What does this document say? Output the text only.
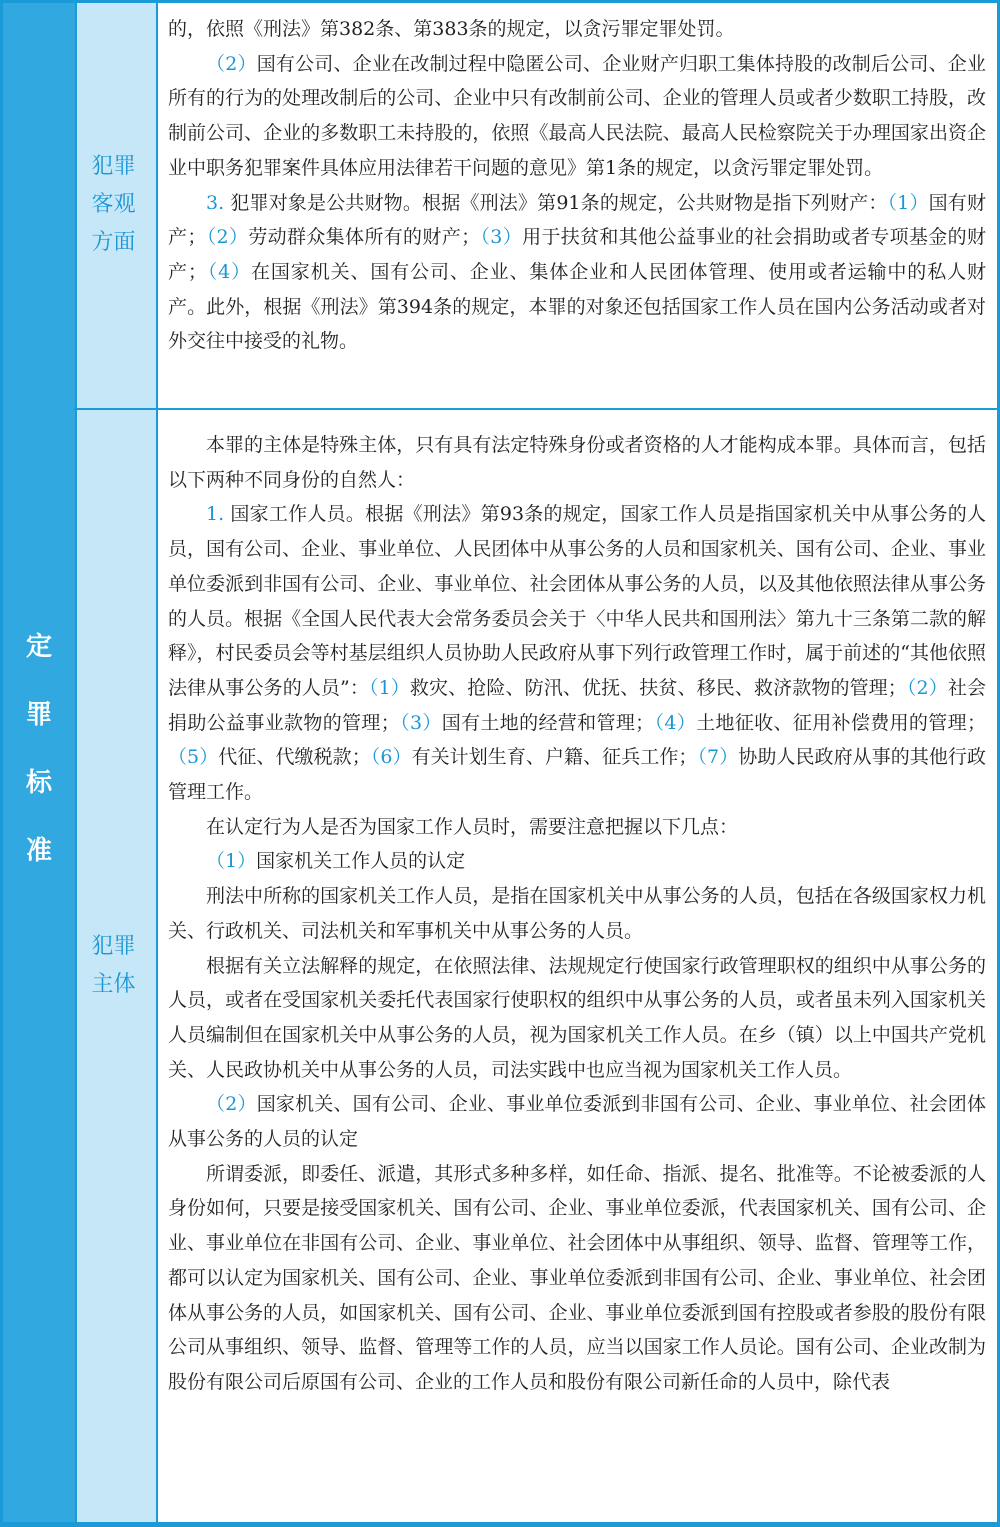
定
罪
标
准
犯罪
客观
方面
犯罪
主体

的，依照《刑法》第382条、第383条的规定，以贪污罪定罪处罚。

（2）国有公司、企业在改制过程中隐匿公司、企业财产归职工集体持股的改制后公司、企业所有的行为的处理改制后的公司、企业中只有改制前公司、企业的管理人员或者少数职工持股，改制前公司、企业的多数职工未持股的，依照《最高人民法院、最高人民检察院关于办理国家出资企业中职务犯罪案件具体应用法律若干问题的意见》第1条的规定，以贪污罪定罪处罚。

3. 犯罪对象是公共财物。根据《刑法》第91条的规定，公共财物是指下列财产：（1）国有财产；（2）劳动群众集体所有的财产；（3）用于扶贫和其他公益事业的社会捐助或者专项基金的财产；（4）在国家机关、国有公司、企业、集体企业和人民团体管理、使用或者运输中的私人财产。此外，根据《刑法》第394条的规定，本罪的对象还包括国家工作人员在国内公务活动或者对外交往中接受的礼物。

本罪的主体是特殊主体，只有具有法定特殊身份或者资格的人才能构成本罪。具体而言，包括以下两种不同身份的自然人：

1. 国家工作人员。根据《刑法》第93条的规定，国家工作人员是指国家机关中从事公务的人员，国有公司、企业、事业单位、人民团体中从事公务的人员和国家机关、国有公司、企业、事业单位委派到非国有公司、企业、事业单位、社会团体从事公务的人员，以及其他依照法律从事公务的人员。根据《全国人民代表大会常务委员会关于〈中华人民共和国刑法〉第九十三条第二款的解释》，村民委员会等村基层组织人员协助人民政府从事下列行政管理工作时，属于前述的“其他依照法律从事公务的人员”：（1）救灾、抢险、防汛、优抚、扶贫、移民、救济款物的管理；（2）社会捐助公益事业款物的管理；（3）国有土地的经营和管理；（4）土地征收、征用补偿费用的管理；（5）代征、代缴税款；（6）有关计划生育、户籍、征兵工作；（7）协助人民政府从事的其他行政管理工作。

在认定行为人是否为国家工作人员时，需要注意把握以下几点：

（1）国家机关工作人员的认定

刑法中所称的国家机关工作人员，是指在国家机关中从事公务的人员，包括在各级国家权力机关、行政机关、司法机关和军事机关中从事公务的人员。

根据有关立法解释的规定，在依照法律、法规规定行使国家行政管理职权的组织中从事公务的人员，或者在受国家机关委托代表国家行使职权的组织中从事公务的人员，或者虽未列入国家机关人员编制但在国家机关中从事公务的人员，视为国家机关工作人员。在乡（镇）以上中国共产党机关、人民政协机关中从事公务的人员，司法实践中也应当视为国家机关工作人员。

（2）国家机关、国有公司、企业、事业单位委派到非国有公司、企业、事业单位、社会团体从事公务的人员的认定

所谓委派，即委任、派遣，其形式多种多样，如任命、指派、提名、批准等。不论被委派的人身份如何，只要是接受国家机关、国有公司、企业、事业单位委派，代表国家机关、国有公司、企业、事业单位在非国有公司、企业、事业单位、社会团体中从事组织、领导、监督、管理等工作，都可以认定为国家机关、国有公司、企业、事业单位委派到非国有公司、企业、事业单位、社会团体从事公务的人员，如国家机关、国有公司、企业、事业单位委派到国有控股或者参股的股份有限公司从事组织、领导、监督、管理等工作的人员，应当以国家工作人员论。国有公司、企业改制为股份有限公司后原国有公司、企业的工作人员和股份有限公司新任命的人员中，除代表
